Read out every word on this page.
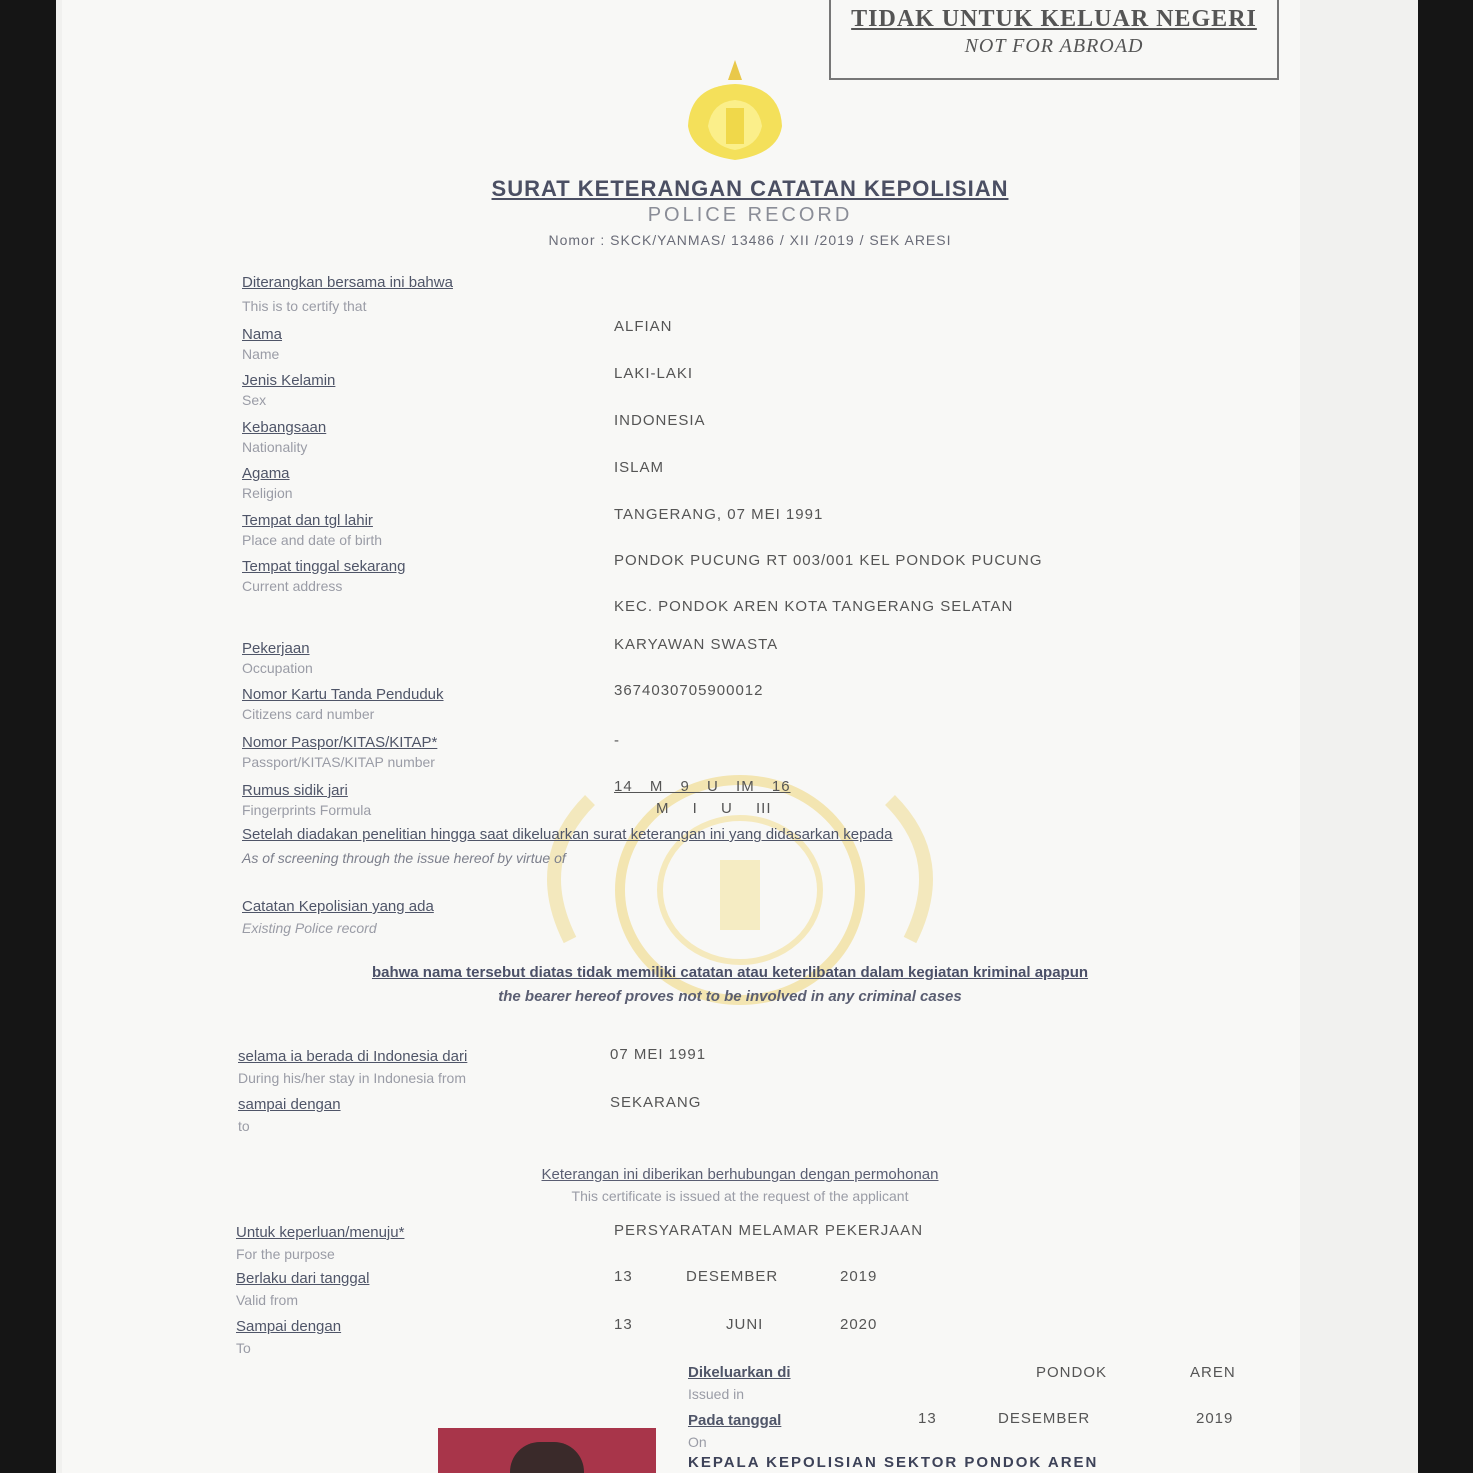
TIDAK UNTUK KELUAR NEGERI
NOT FOR ABROAD
SURAT KETERANGAN CATATAN KEPOLISIAN
POLICE RECORD
Nomor : SKCK/YANMAS/ 13486 / XII /2019 / SEK ARESI
Diterangkan bersama ini bahwa
This is to certify that
Nama
Name
ALFIAN
Jenis Kelamin
Sex
LAKI-LAKI
Kebangsaan
Nationality
INDONESIA
Agama
Religion
ISLAM
Tempat dan tgl lahir
Place and date of birth
TANGERANG, 07 MEI 1991
Tempat tinggal sekarang
Current address
PONDOK PUCUNG RT 003/001 KEL PONDOK PUCUNG
KEC. PONDOK AREN KOTA TANGERANG SELATAN
Pekerjaan
Occupation
KARYAWAN SWASTA
Nomor Kartu Tanda Penduduk
Citizens card number
3674030705900012
Nomor Paspor/KITAS/KITAP*
Passport/KITAS/KITAP number
-
Rumus sidik jari
Fingerprints Formula
14 M 9 U IM 16
M I U III
Setelah diadakan penelitian hingga saat dikeluarkan surat keterangan ini yang didasarkan kepada
As of screening through the issue hereof by virtue of
Catatan Kepolisian yang ada
Existing Police record
bahwa nama tersebut diatas tidak memiliki catatan atau keterlibatan dalam kegiatan kriminal apapun
the bearer hereof proves not to be involved in any criminal cases
selama ia berada di Indonesia dari
During his/her stay in Indonesia from
07 MEI 1991
sampai dengan
to
SEKARANG
Keterangan ini diberikan berhubungan dengan permohonan
This certificate is issued at the request of the applicant
Untuk keperluan/menuju*
For the purpose
PERSYARATAN MELAMAR PEKERJAAN
Berlaku dari tanggal
Valid from
13	DESEMBER	2019
Sampai dengan
To
13	JUNI	2020
Dikeluarkan di
Issued in
PONDOK	AREN
Pada tanggal
On
13	DESEMBER	2019
KEPALA KEPOLISIAN SEKTOR PONDOK AREN
